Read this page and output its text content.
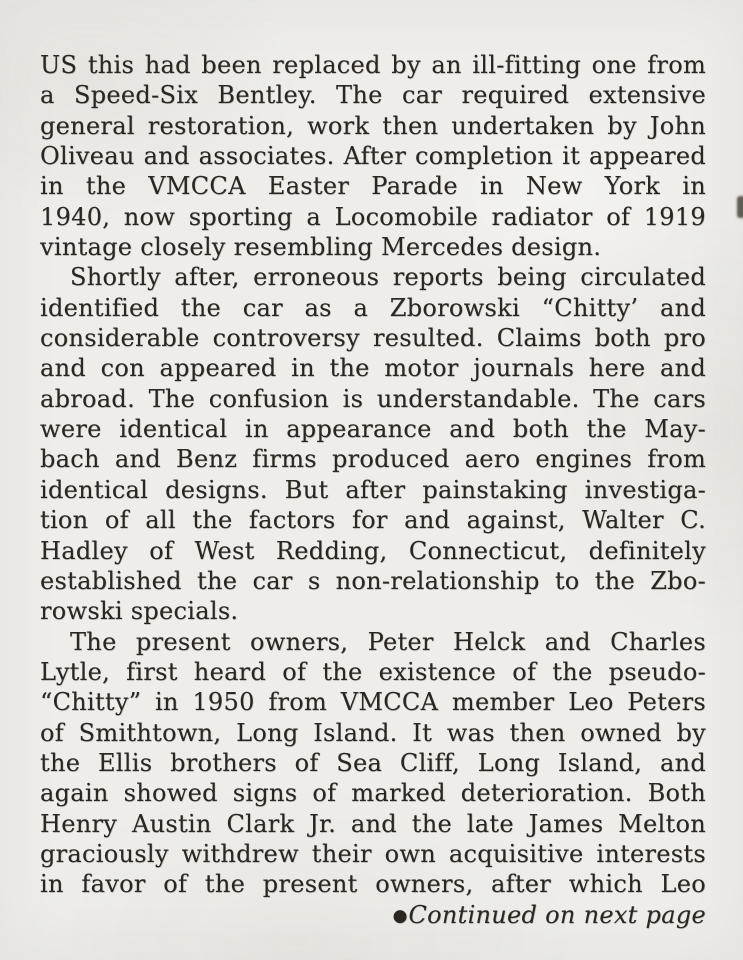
US this had been replaced by an ill-fitting one from
a Speed-Six Bentley. The car required extensive
general restoration, work then undertaken by John
Oliveau and associates. After completion it appeared
in the VMCCA Easter Parade in New York in
1940, now sporting a Locomobile radiator of 1919
vintage closely resembling Mercedes design.
Shortly after, erroneous reports being circulated
identified the car as a Zborowski “Chitty’ and
considerable controversy resulted. Claims both pro
and con appeared in the motor journals here and
abroad. The confusion is understandable. The cars
were identical in appearance and both the May-
bach and Benz firms produced aero engines from
identical designs. But after painstaking investiga-
tion of all the factors for and against, Walter C.
Hadley of West Redding, Connecticut, definitely
established the car s non-relationship to the Zbo-
rowski specials.
The present owners, Peter Helck and Charles
Lytle, first heard of the existence of the pseudo-
“Chitty” in 1950 from VMCCA member Leo Peters
of Smithtown, Long Island. It was then owned by
the Ellis brothers of Sea Cliff, Long Island, and
again showed signs of marked deterioration. Both
Henry Austin Clark Jr. and the late James Melton
graciously withdrew their own acquisitive interests
in favor of the present owners, after which Leo
●Continued on next page
